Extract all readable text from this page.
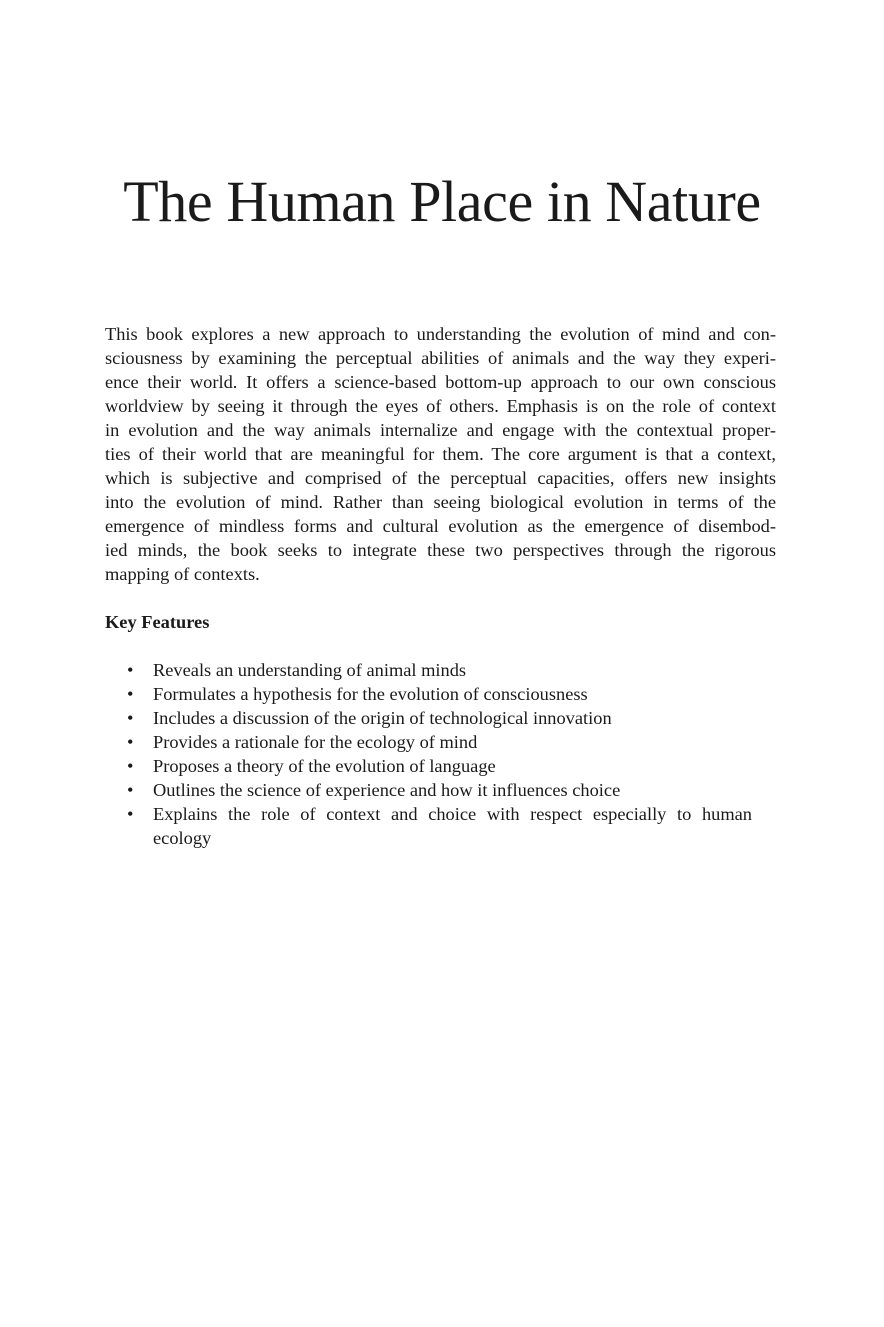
The Human Place in Nature

This book explores a new approach to understanding the evolution of mind and con-
sciousness by examining the perceptual abilities of animals and the way they experi-
ence their world. It offers a science-based bottom-up approach to our own conscious
worldview by seeing it through the eyes of others. Emphasis is on the role of context
in evolution and the way animals internalize and engage with the contextual proper-
ties of their world that are meaningful for them. The core argument is that a context,
which is subjective and comprised of the perceptual capacities, offers new insights
into the evolution of mind. Rather than seeing biological evolution in terms of the
emergence of mindless forms and cultural evolution as the emergence of disembod-
ied minds, the book seeks to integrate these two perspectives through the rigorous
mapping of contexts.

Key Features
• Reveals an understanding of animal minds
• Formulates a hypothesis for the evolution of consciousness
• Includes a discussion of the origin of technological innovation
• Provides a rationale for the ecology of mind
• Proposes a theory of the evolution of language
• Outlines the science of experience and how it influences choice
• Explains the role of context and choice with respect especially to human
ecology
